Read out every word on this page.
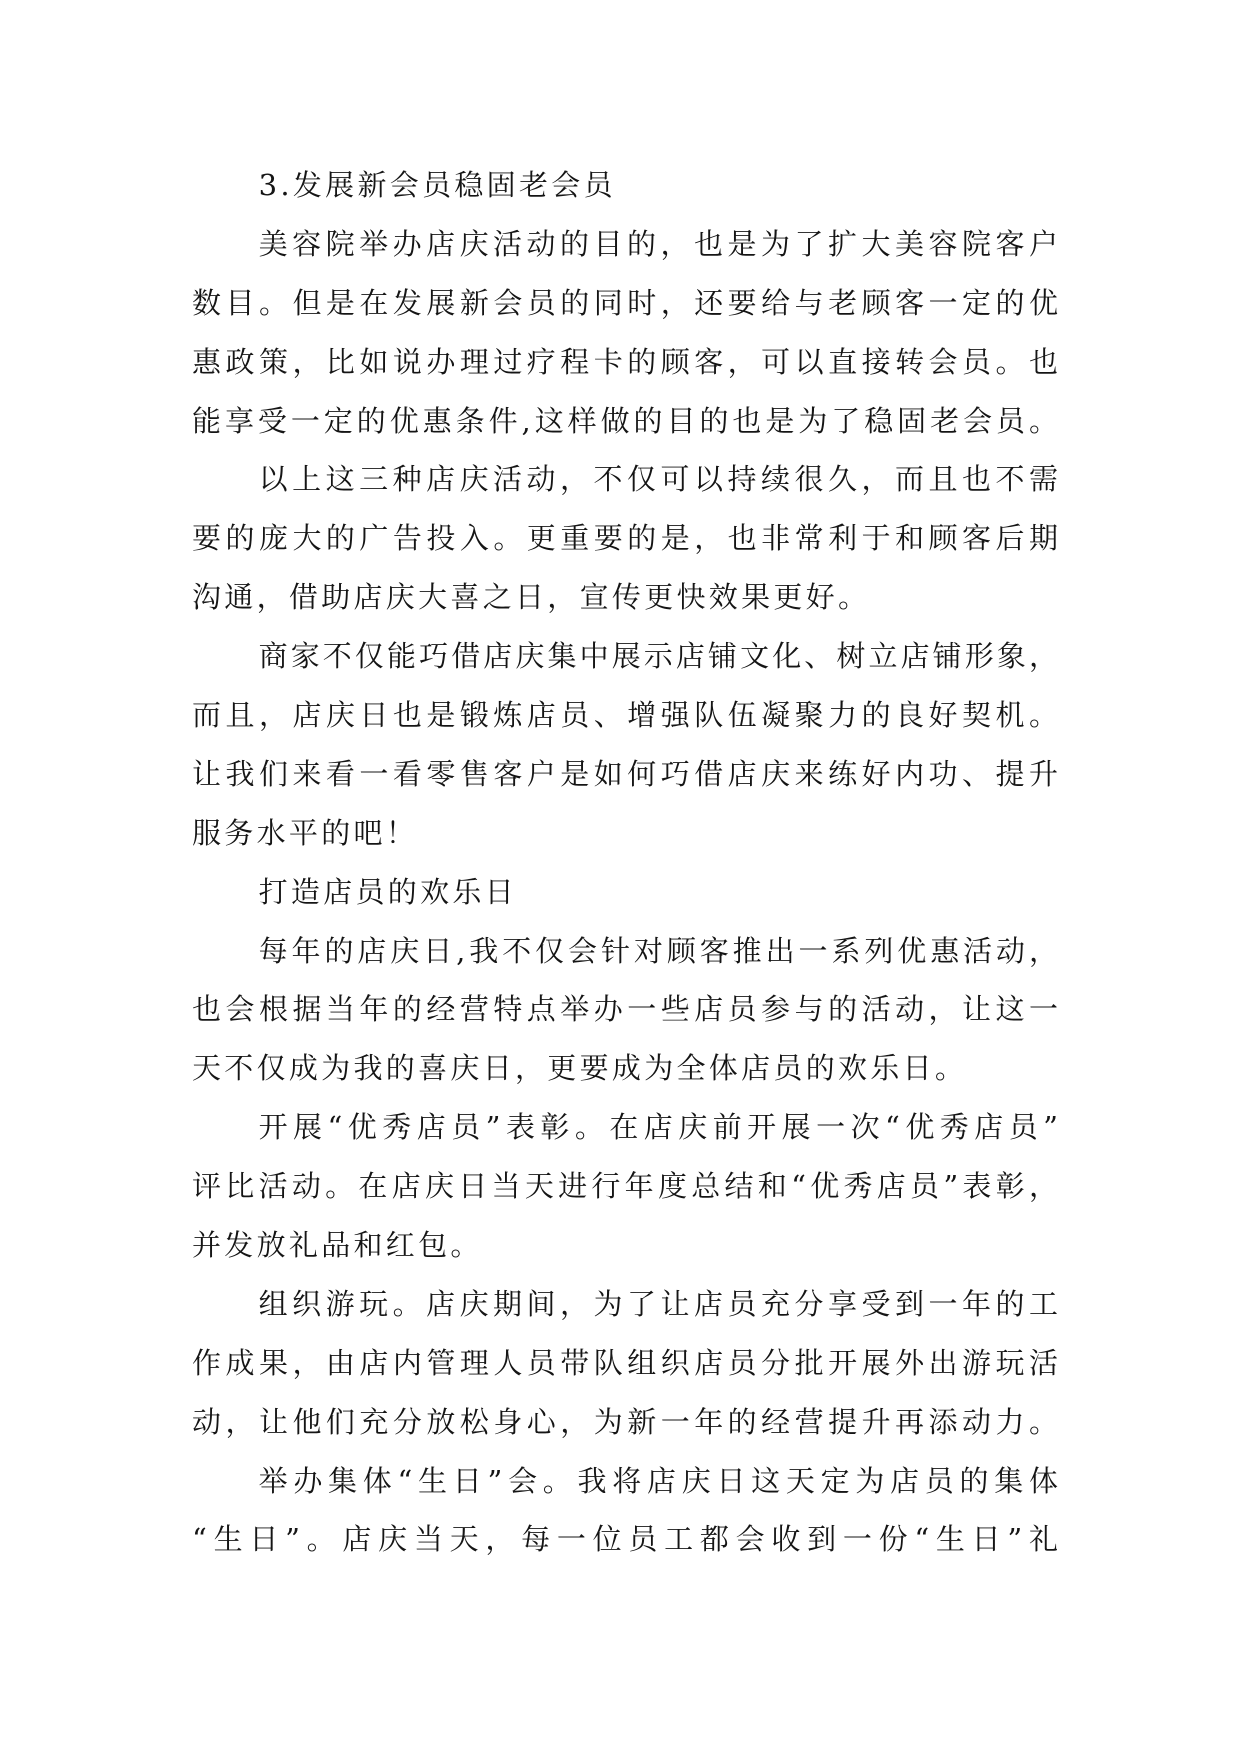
3.发展新会员稳固老会员
美容院举办店庆活动的目的，也是为了扩大美容院客户
数目。但是在发展新会员的同时，还要给与老顾客一定的优
惠政策，比如说办理过疗程卡的顾客，可以直接转会员。也
能享受一定的优惠条件,这样做的目的也是为了稳固老会员。
以上这三种店庆活动，不仅可以持续很久，而且也不需
要的庞大的广告投入。更重要的是，也非常利于和顾客后期
沟通，借助店庆大喜之日，宣传更快效果更好。
商家不仅能巧借店庆集中展示店铺文化、树立店铺形象，
而且，店庆日也是锻炼店员、增强队伍凝聚力的良好契机。
让我们来看一看零售客户是如何巧借店庆来练好内功、提升
服务水平的吧！
打造店员的欢乐日
每年的店庆日,我不仅会针对顾客推出一系列优惠活动，
也会根据当年的经营特点举办一些店员参与的活动，让这一
天不仅成为我的喜庆日，更要成为全体店员的欢乐日。
开展“优秀店员”表彰。在店庆前开展一次“优秀店员”
评比活动。在店庆日当天进行年度总结和“优秀店员”表彰，
并发放礼品和红包。
组织游玩。店庆期间，为了让店员充分享受到一年的工
作成果，由店内管理人员带队组织店员分批开展外出游玩活
动，让他们充分放松身心，为新一年的经营提升再添动力。
举办集体“生日”会。我将店庆日这天定为店员的集体
“生日”。店庆当天，每一位员工都会收到一份“生日”礼
